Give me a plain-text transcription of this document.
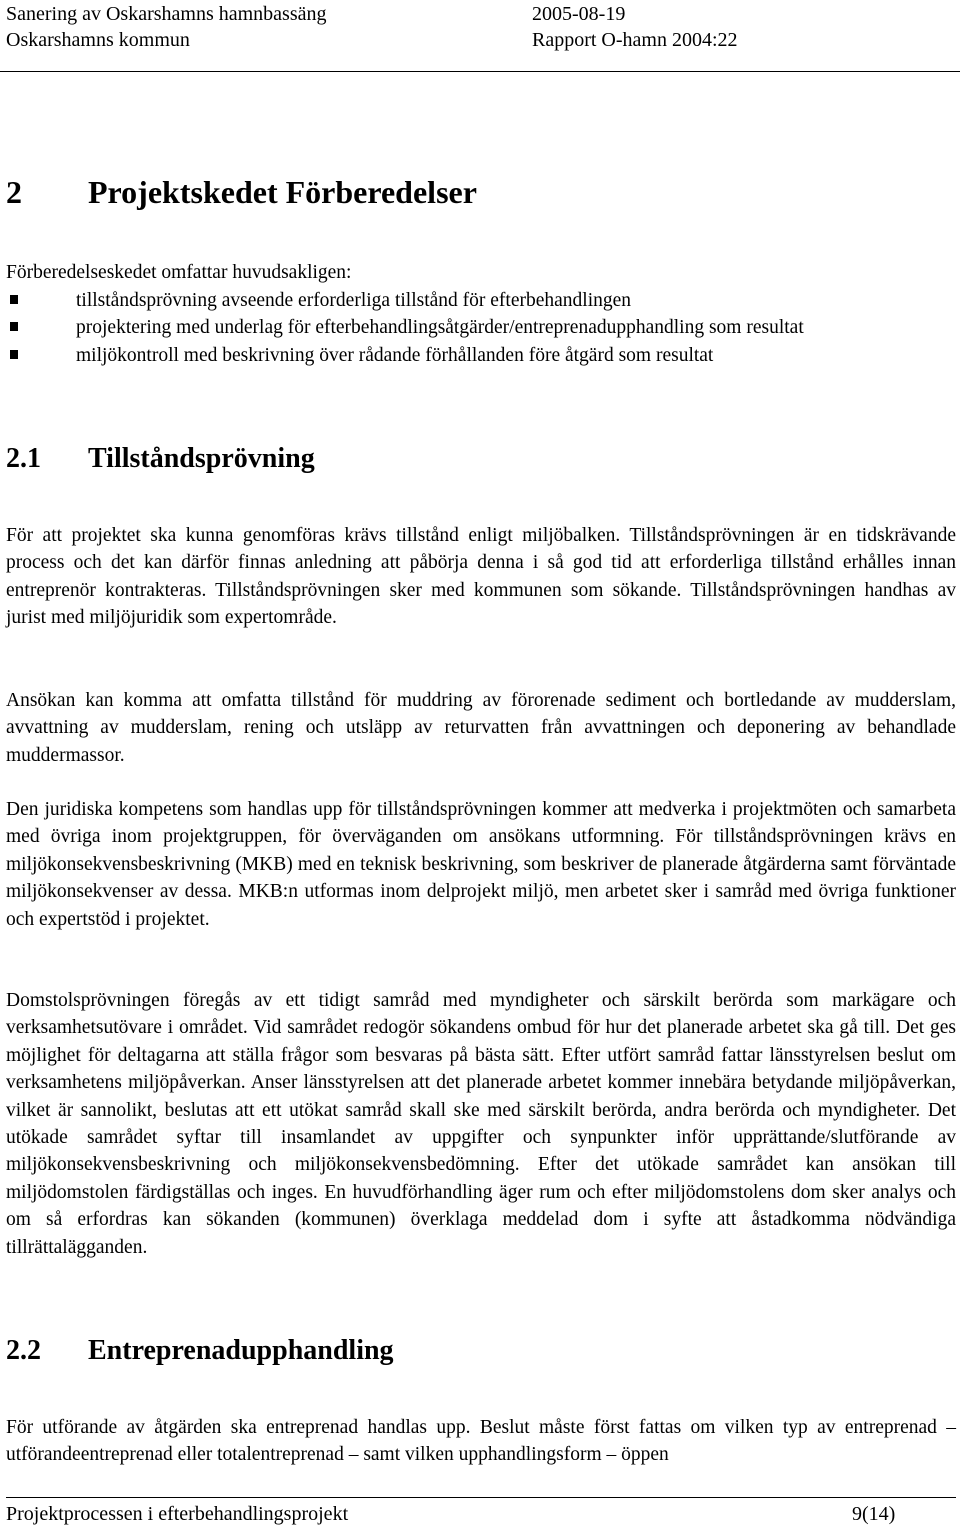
Sanering av Oskarshamns hamnbassäng	2005-08-19
Oskarshamns kommun	Rapport O-hamn 2004:22
2 Projektskedet Förberedelser

Förberedelseskedet omfattar huvudsakligen:

tillståndsprövning avseende erforderliga tillstånd för efterbehandlingen
projektering med underlag för efterbehandlingsåtgärder/entreprenadupphandling som resultat
miljökontroll med beskrivning över rådande förhållanden före åtgärd som resultat
2.1 Tillståndsprövning

För att projektet ska kunna genomföras krävs tillstånd enligt miljöbalken. Tillståndsprövningen är en tidskrävande process och det kan därför finnas anledning att påbörja denna i så god tid att erforderliga tillstånd erhålles innan entreprenör kontrakteras. Tillståndsprövningen sker med kommunen som sökande. Tillståndsprövningen handhas av jurist med miljöjuridik som expertområde.

Ansökan kan komma att omfatta tillstånd för muddring av förorenade sediment och bortledande av mudderslam, avvattning av mudderslam, rening och utsläpp av returvatten från avvattningen och deponering av behandlade muddermassor.

Den juridiska kompetens som handlas upp för tillståndsprövningen kommer att medverka i projektmöten och samarbeta med övriga inom projektgruppen, för överväganden om ansökans utformning. För tillståndsprövningen krävs en miljökonsekvensbeskrivning (MKB) med en teknisk beskrivning, som beskriver de planerade åtgärderna samt förväntade miljökonsekvenser av dessa. MKB:n utformas inom delprojekt miljö, men arbetet sker i samråd med övriga funktioner och expertstöd i projektet.

Domstolsprövningen föregås av ett tidigt samråd med myndigheter och särskilt berörda som markägare och verksamhetsutövare i området. Vid samrådet redogör sökandens ombud för hur det planerade arbetet ska gå till. Det ges möjlighet för deltagarna att ställa frågor som besvaras på bästa sätt. Efter utfört samråd fattar länsstyrelsen beslut om verksamhetens miljöpåverkan. Anser länsstyrelsen att det planerade arbetet kommer innebära betydande miljöpåverkan, vilket är sannolikt, beslutas att ett utökat samråd skall ske med särskilt berörda, andra berörda och myndigheter. Det utökade samrådet syftar till insamlandet av uppgifter och synpunkter inför upprättande/slutförande av miljökonsekvensbeskrivning och miljökonsekvensbedömning. Efter det utökade samrådet kan ansökan till miljödomstolen färdigställas och inges. En huvudförhandling äger rum och efter miljödomstolens dom sker analys och om så erfordras kan sökanden (kommunen) överklaga meddelad dom i syfte att åstadkomma nödvändiga tillrättalägganden.

2.2 Entreprenadupphandling

För utförande av åtgärden ska entreprenad handlas upp. Beslut måste först fattas om vilken typ av entreprenad – utförandeentreprenad eller totalentreprenad – samt vilken upphandlingsform – öppen

Projektprocessen i efterbehandlingsprojekt	9(14)
